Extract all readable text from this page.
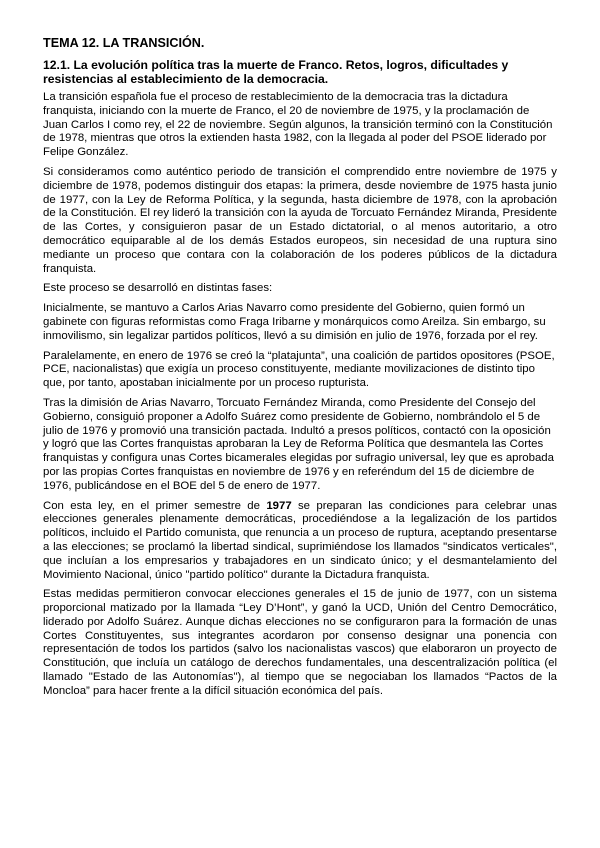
TEMA 12. LA TRANSICIÓN.
12.1. La evolución política tras la muerte de Franco. Retos, logros, dificultades y resistencias al establecimiento de la democracia.

La transición española fue el proceso de restablecimiento de la democracia tras la dictadura franquista, iniciando con la muerte de Franco, el 20 de noviembre de 1975, y la proclamación de Juan Carlos I como rey, el 22 de noviembre. Según algunos, la transición terminó con la Constitución de 1978, mientras que otros la extienden hasta 1982, con la llegada al poder del PSOE liderado por Felipe González.

Si consideramos como auténtico periodo de transición el comprendido entre noviembre de 1975 y diciembre de 1978, podemos distinguir dos etapas: la primera, desde noviembre de 1975 hasta junio de 1977, con la Ley de Reforma Política, y la segunda, hasta diciembre de 1978, con la aprobación de la Constitución. El rey lideró la transición con la ayuda de Torcuato Fernández Miranda, Presidente de las Cortes, y consiguieron pasar de un Estado dictatorial, o al menos autoritario, a otro democrático equiparable al de los demás Estados europeos, sin necesidad de una ruptura sino mediante un proceso que contara con la colaboración de los poderes públicos de la dictadura franquista.

Este proceso se desarrolló en distintas fases:

Inicialmente, se mantuvo a Carlos Arias Navarro como presidente del Gobierno, quien formó un gabinete con figuras reformistas como Fraga Iribarne y monárquicos como Areilza. Sin embargo, su inmovilismo, sin legalizar partidos políticos, llevó a su dimisión en julio de 1976, forzada por el rey.

Paralelamente, en enero de 1976 se creó la “platajunta”, una coalición de partidos opositores (PSOE, PCE, nacionalistas) que exigía un proceso constituyente, mediante movilizaciones de distinto tipo que, por tanto, apostaban inicialmente por un proceso rupturista.

Tras la dimisión de Arias Navarro, Torcuato Fernández Miranda, como Presidente del Consejo del Gobierno, consiguió proponer a Adolfo Suárez como presidente de Gobierno, nombrándolo el 5 de julio de 1976 y promovió una transición pactada. Indultó a presos políticos, contactó con la oposición y logró que las Cortes franquistas aprobaran la Ley de Reforma Política que desmantela las Cortes franquistas y configura unas Cortes bicamerales elegidas por sufragio universal, ley que es aprobada por las propias Cortes franquistas en noviembre de 1976 y en referéndum del 15 de diciembre de 1976, publicándose en el BOE del 5 de enero de 1977.

Con esta ley, en el primer semestre de 1977 se preparan las condiciones para celebrar unas elecciones generales plenamente democráticas, procediéndose a la legalización de los partidos políticos, incluido el Partido comunista, que renuncia a un proceso de ruptura, aceptando presentarse a las elecciones; se proclamó la libertad sindical, suprimiéndose los llamados "sindicatos verticales", que incluían a los empresarios y trabajadores en un sindicato único; y el desmantelamiento del Movimiento Nacional, único "partido político" durante la Dictadura franquista.

Estas medidas permitieron convocar elecciones generales el 15 de junio de 1977, con un sistema proporcional matizado por la llamada “Ley D’Hont”, y ganó la UCD, Unión del Centro Democrático, liderado por Adolfo Suárez. Aunque dichas elecciones no se configuraron para la formación de unas Cortes Constituyentes, sus integrantes acordaron por consenso designar una ponencia con representación de todos los partidos (salvo los nacionalistas vascos) que elaboraron un proyecto de Constitución, que incluía un catálogo de derechos fundamentales, una descentralización política (el llamado "Estado de las Autonomías"), al tiempo que se negociaban los llamados “Pactos de la Moncloa” para hacer frente a la difícil situación económica del país.
